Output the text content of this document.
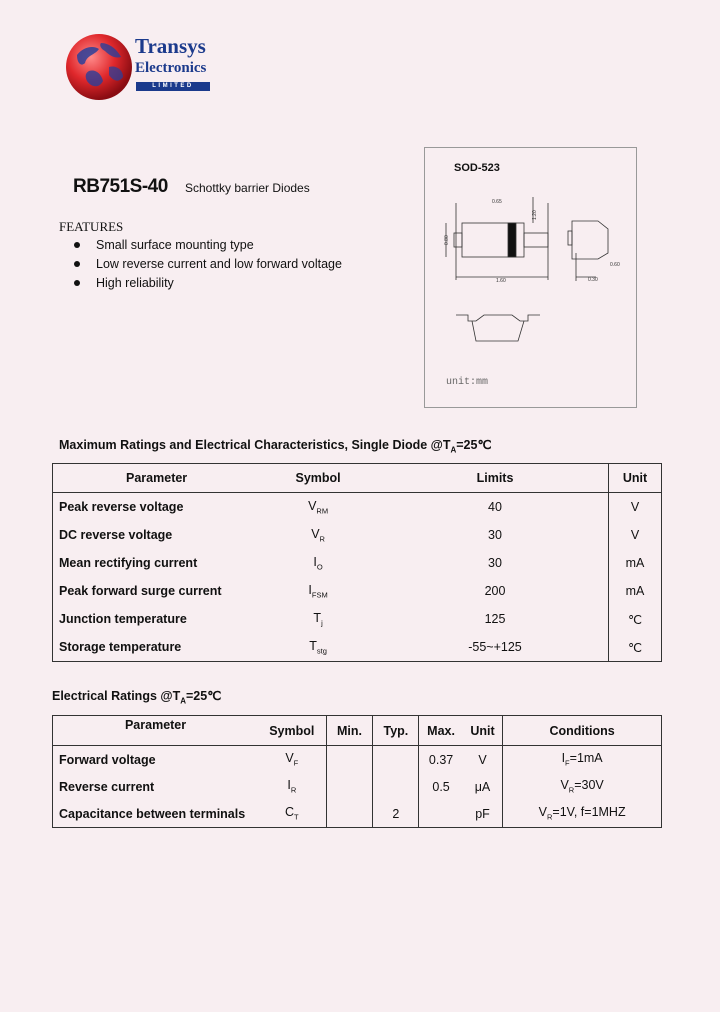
Transys
Electronics
LIMITED
RB751S-40 Schottky barrier Diodes
FEATURES
Small surface mounting type
Low reverse current and low forward voltage
High reliability
SOD-523
1.60
0.80
1.20
0.30
0.60
0.65
unit:mm
Maximum Ratings and Electrical Characteristics, Single Diode $@T_A=25℃$
Parameter	Symbol	Limits	Unit
Peak reverse voltage	$V_{RM}$	40	V
DC reverse voltage	$V_R$	30	V
Mean rectifying current	$I_O$	30	mA
Peak forward surge current	$I_{FSM}$	200	mA
Junction temperature	$T_j$	125	℃
Storage temperature	$T_{stg}$	-55~+125	℃
Electrical Ratings $@T_A=25℃$
Parameter	Symbol	Min.	Typ.	Max.	Unit	Conditions
Forward voltage	$V_F$			0.37	V	$I_F=1mA$
Reverse current	$I_R$			0.5	μA	$V_R=30V$
Capacitance between terminals	$C_T$		2		pF	$V_R=1V$, f=1MHZ
